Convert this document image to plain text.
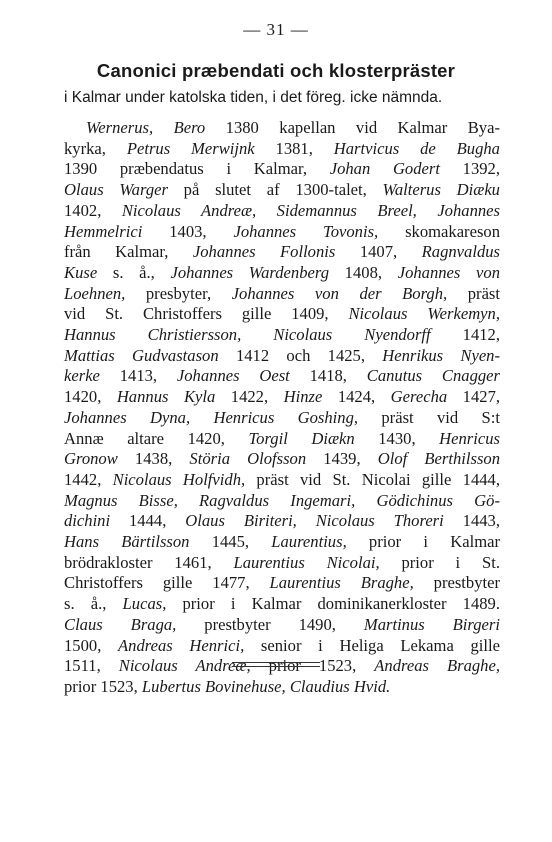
— 31 —
Canonici præbendati och klosterpräster
i Kalmar under katolska tiden, i det föreg. icke nämnda.
Wernerus, Bero 1380 kapellan vid Kalmar Bya-
kyrka, Petrus Merwijnk 1381, Hartvicus de Bugha
1390 præbendatus i Kalmar, Johan Godert 1392,
Olaus Warger på slutet af 1300-talet, Walterus Diæku
1402, Nicolaus Andreæ, Sidemannus Breel, Johannes
Hemmelrici 1403, Johannes Tovonis, skomakareson
från Kalmar, Johannes Follonis 1407, Ragnvaldus
Kuse s. å., Johannes Wardenberg 1408, Johannes von
Loehnen, presbyter, Johannes von der Borgh, präst
vid St. Christoffers gille 1409, Nicolaus Werkemyn,
Hannus Christiersson, Nicolaus Nyendorff 1412,
Mattias Gudvastason 1412 och 1425, Henrikus Nyen-
kerke 1413, Johannes Oest 1418, Canutus Cnagger
1420, Hannus Kyla 1422, Hinze 1424, Gerecha 1427,
Johannes Dyna, Henricus Goshing, präst vid S:t
Annæ altare 1420, Torgil Diækn 1430, Henricus
Gronow 1438, Störia Olofsson 1439, Olof Berthilsson
1442, Nicolaus Holfvidh, präst vid St. Nicolai gille 1444,
Magnus Bisse, Ragvaldus Ingemari, Gödichinus Gö-
dichini 1444, Olaus Biriteri, Nicolaus Thoreri 1443,
Hans Bärtilsson 1445, Laurentius, prior i Kalmar
brödrakloster 1461, Laurentius Nicolai, prior i St.
Christoffers gille 1477, Laurentius Braghe, prestbyter
s. å., Lucas, prior i Kalmar dominikanerkloster 1489.
Claus Braga, prestbyter 1490, Martinus Birgeri
1500, Andreas Henrici, senior i Heliga Lekama gille
1511, Nicolaus Andreæ, prior 1523, Andreas Braghe,
prior 1523, Lubertus Bovinehuse, Claudius Hvid.
